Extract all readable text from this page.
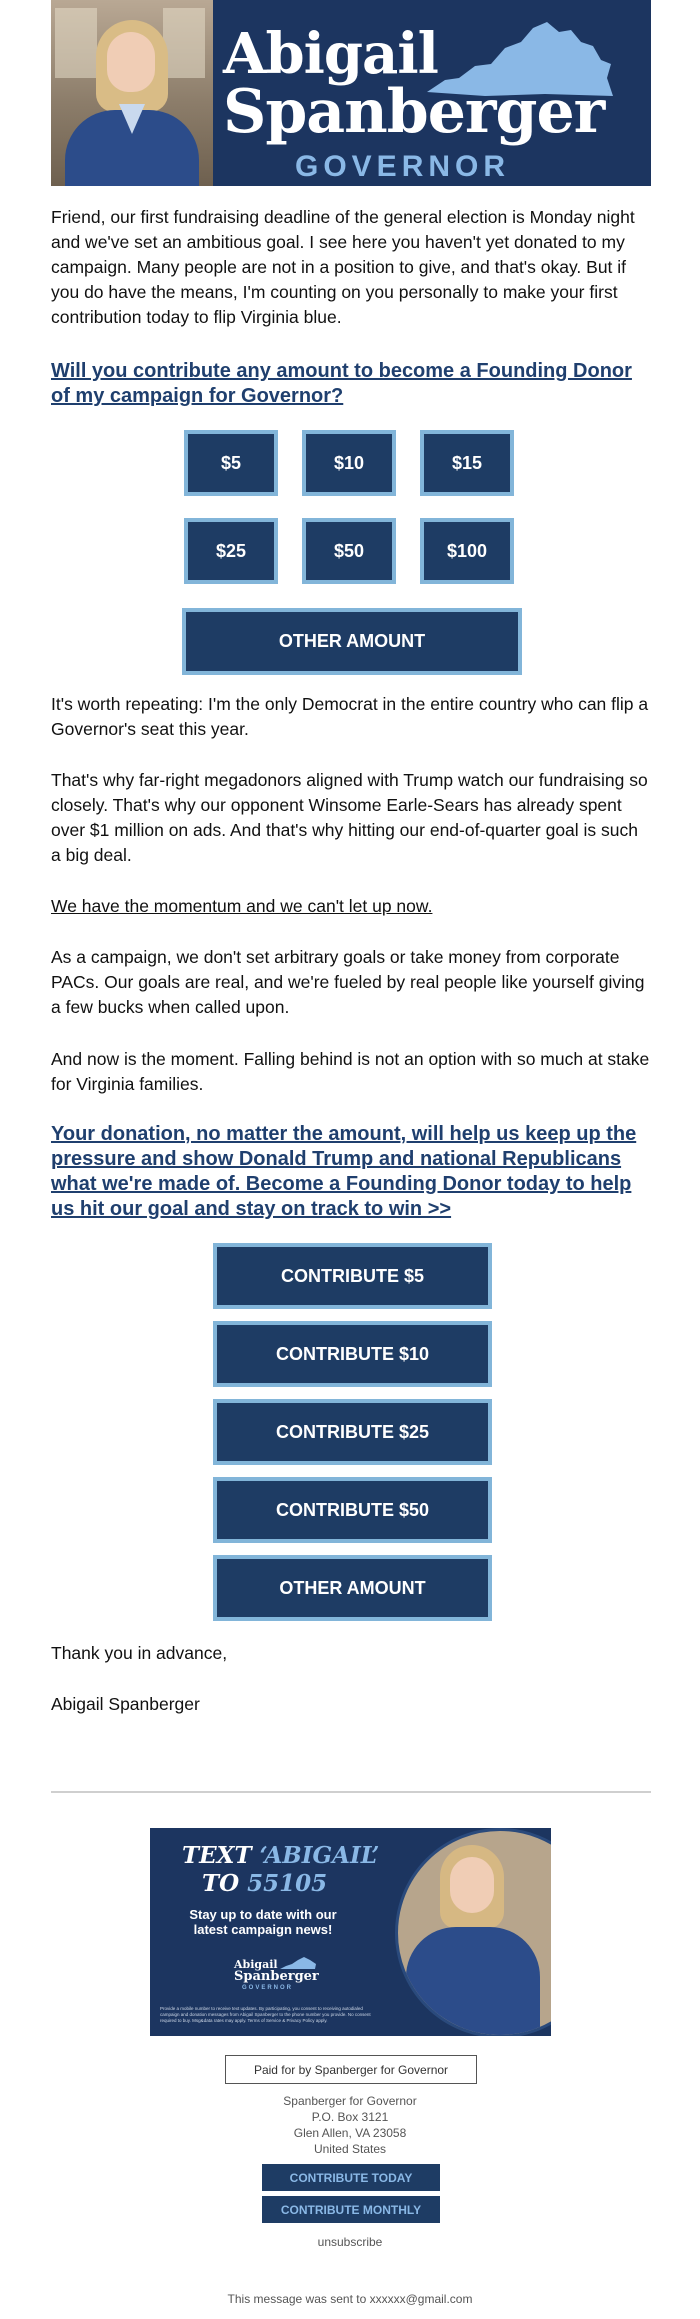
Abigail
Spanberger
GOVERNOR
Friend, our first fundraising deadline of the general election is Monday night and we've set an ambitious goal. I see here you haven't yet donated to my campaign. Many people are not in a position to give, and that's okay. But if you do have the means, I'm counting on you personally to make your first contribution today to flip Virginia blue.
Will you contribute any amount to become a Founding Donor of my campaign for Governor?
$5	$10	$15
$25	$50	$100
OTHER AMOUNT
It's worth repeating: I'm the only Democrat in the entire country who can flip a Governor's seat this year.
That's why far-right megadonors aligned with Trump watch our fundraising so closely. That's why our opponent Winsome Earle-Sears has already spent over $1 million on ads. And that's why hitting our end-of-quarter goal is such a big deal.
We have the momentum and we can't let up now.
As a campaign, we don't set arbitrary goals or take money from corporate PACs. Our goals are real, and we're fueled by real people like yourself giving a few bucks when called upon.
And now is the moment. Falling behind is not an option with so much at stake for Virginia families.
Your donation, no matter the amount, will help us keep up the pressure and show Donald Trump and national Republicans what we're made of. Become a Founding Donor today to help us hit our goal and stay on track to win >>
CONTRIBUTE $5
CONTRIBUTE $10
CONTRIBUTE $25
CONTRIBUTE $50
OTHER AMOUNT
Thank you in advance,
Abigail Spanberger
TEXT ‘ABIGAIL’
TO 55105
Stay up to date with our latest campaign news!
Abigail
Spanberger
GOVERNOR
Provide a mobile number to receive text updates. By participating, you consent to receiving autodialed campaign and donation messages from Abigail Spanberger to the phone number you provide. No consent required to buy. Msg&data rates may apply. Terms of Service & Privacy Policy apply.
Paid for by Spanberger for Governor
Spanberger for Governor
P.O. Box 3121
Glen Allen, VA 23058
United States
CONTRIBUTE TODAY
CONTRIBUTE MONTHLY
unsubscribe
This message was sent to xxxxxx@gmail.com
